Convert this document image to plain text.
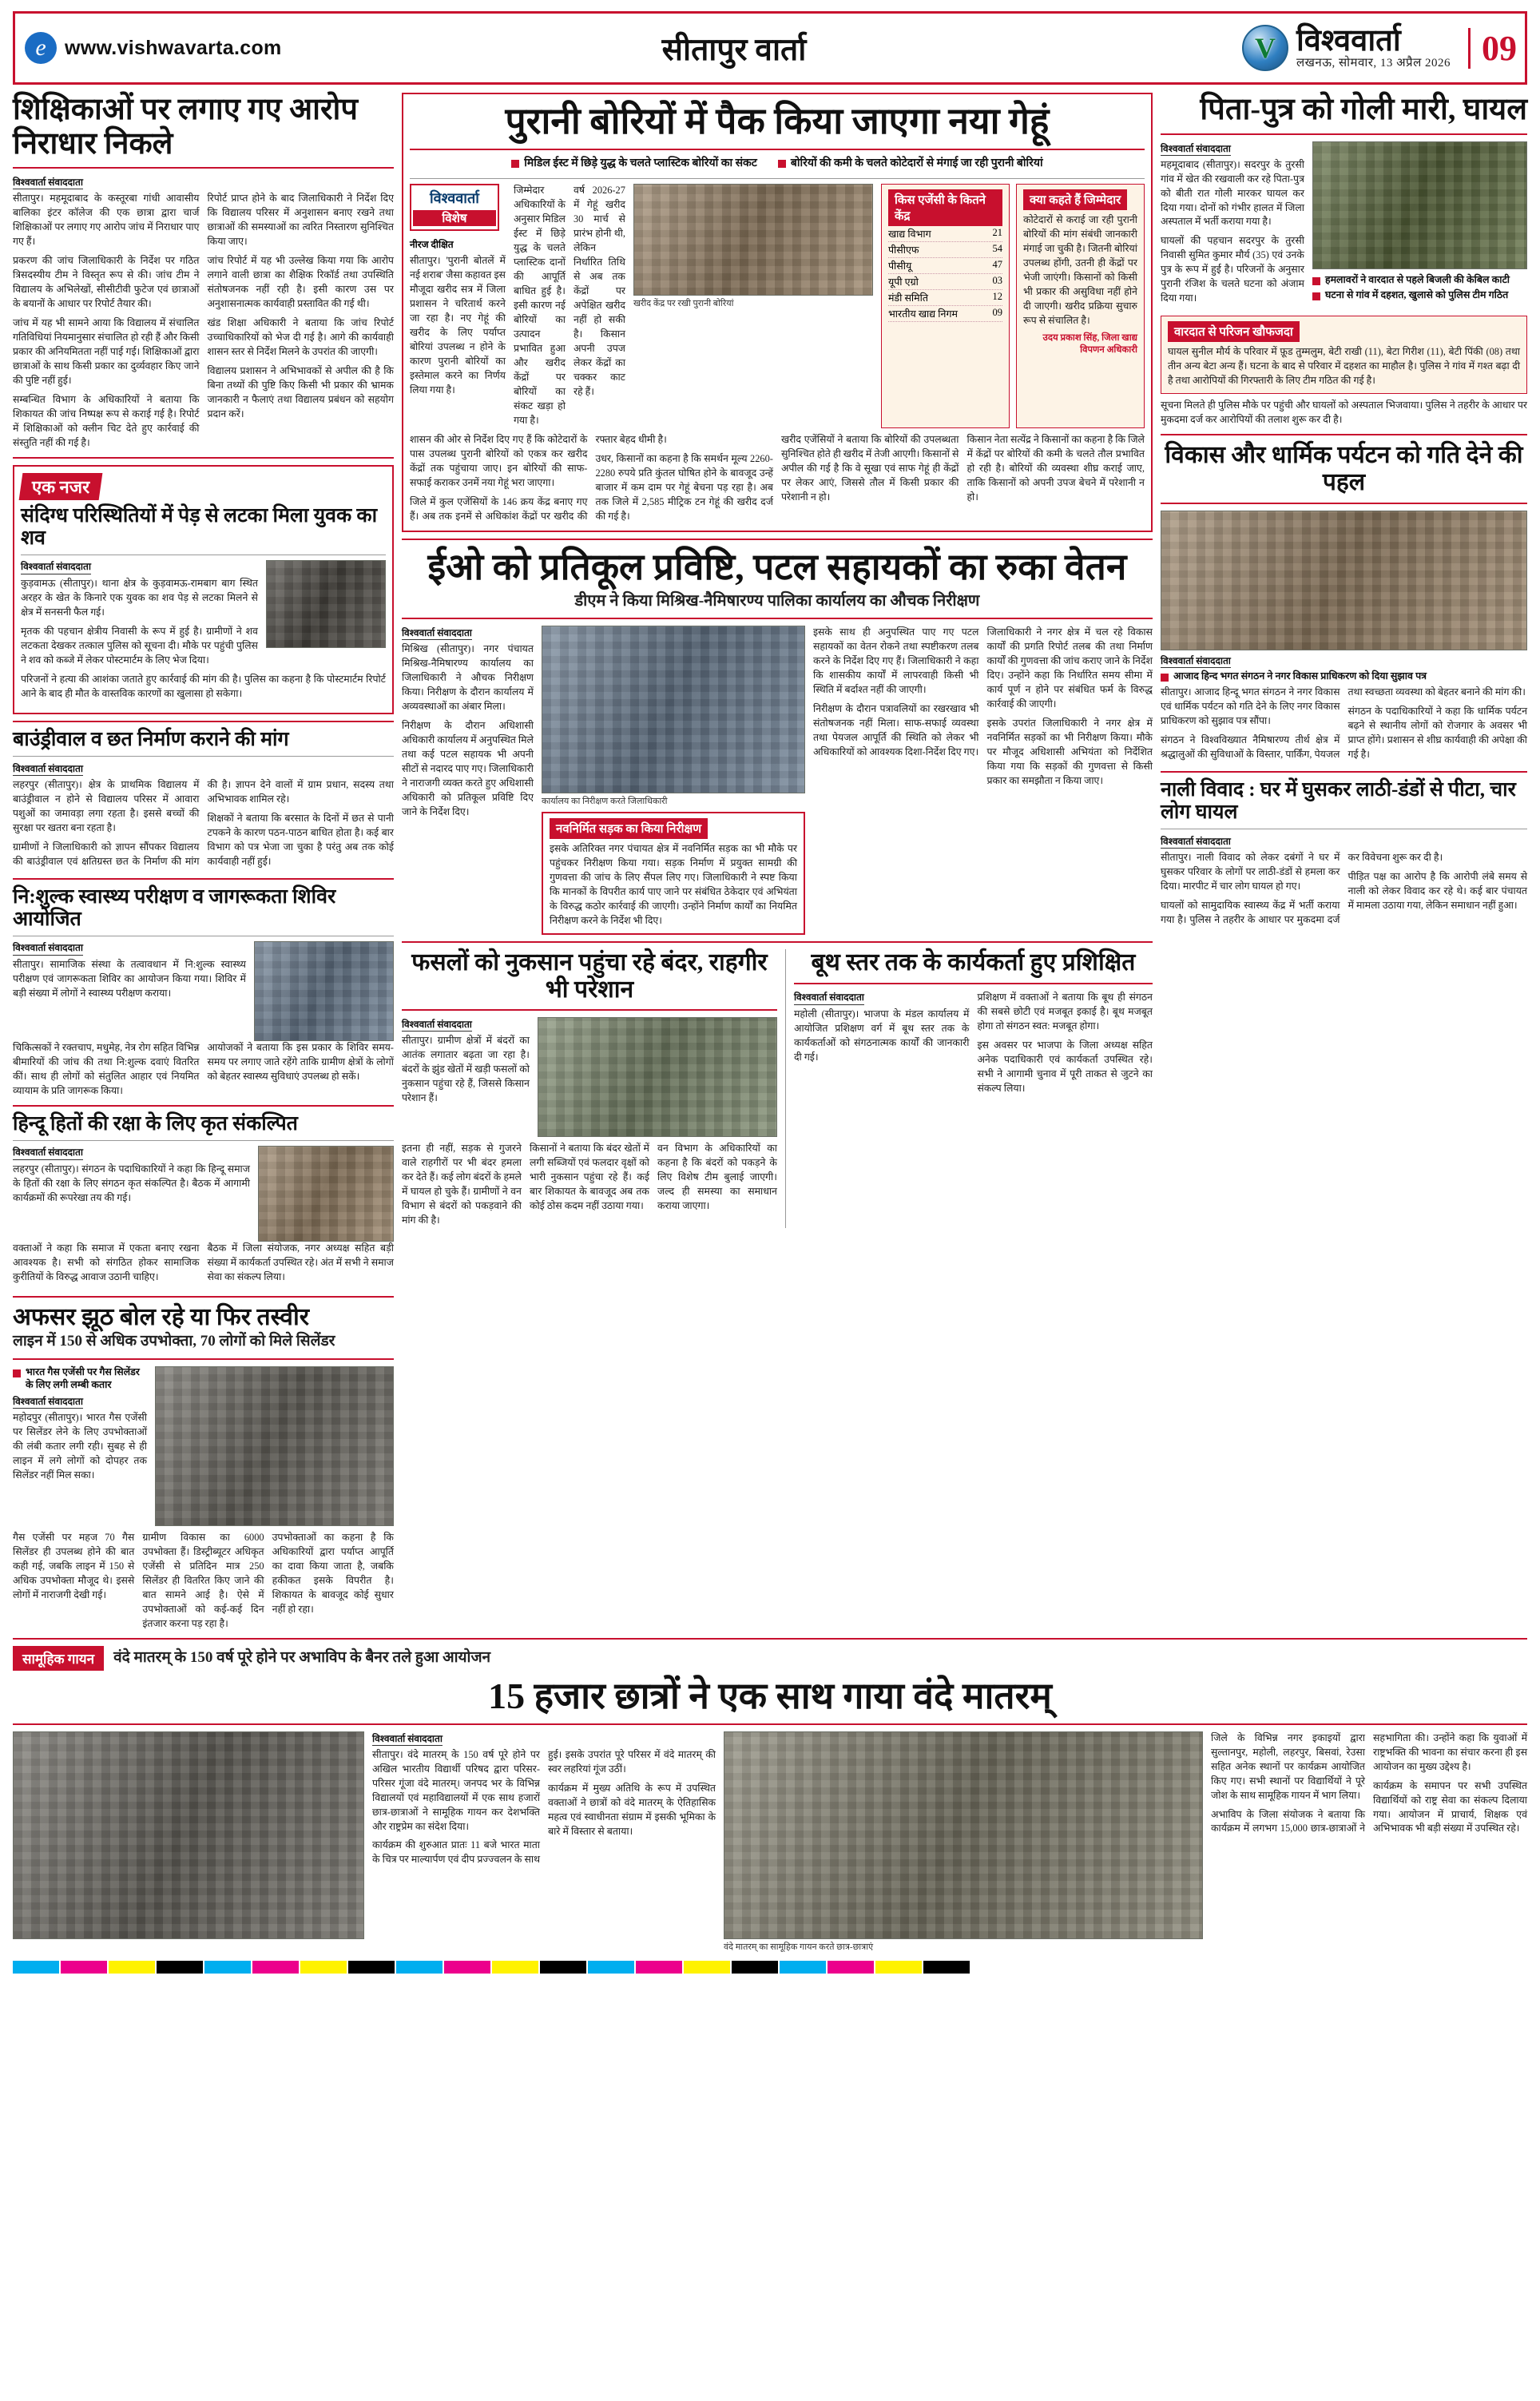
e www.vishwavarta.com	सीतापुर वार्ता	V विश्ववार्ता
लखनऊ, सोमवार, 13 अप्रैल 2026 09
शिक्षिकाओं पर लगाए गए आरोप निराधार निकले
विश्ववार्ता संवाददाता

सीतापुर। महमूदाबाद के कस्तूरबा गांधी आवासीय बालिका इंटर कॉलेज की एक छात्रा द्वारा चार्ज शिक्षिकाओं पर लगाए गए आरोप जांच में निराधार पाए गए हैं।

प्रकरण की जांच जिलाधिकारी के निर्देश पर गठित त्रिसदस्यीय टीम ने विस्तृत रूप से की। जांच टीम ने विद्यालय के अभिलेखों, सीसीटीवी फुटेज एवं छात्राओं के बयानों के आधार पर रिपोर्ट तैयार की।

जांच में यह भी सामने आया कि विद्यालय में संचालित गतिविधियां नियमानुसार संचालित हो रही हैं और किसी प्रकार की अनियमितता नहीं पाई गई। शिक्षिकाओं द्वारा छात्राओं के साथ किसी प्रकार का दुर्व्यवहार किए जाने की पुष्टि नहीं हुई।

सम्बन्धित विभाग के अधिकारियों ने बताया कि शिकायत की जांच निष्पक्ष रूप से कराई गई है। रिपोर्ट में शिक्षिकाओं को क्लीन चिट देते हुए कार्रवाई की संस्तुति नहीं की गई है।

रिपोर्ट प्राप्त होने के बाद जिलाधिकारी ने निर्देश दिए कि विद्यालय परिसर में अनुशासन बनाए रखने तथा छात्राओं की समस्याओं का त्वरित निस्तारण सुनिश्चित किया जाए।

जांच रिपोर्ट में यह भी उल्लेख किया गया कि आरोप लगाने वाली छात्रा का शैक्षिक रिकॉर्ड तथा उपस्थिति संतोषजनक नहीं रही है। इसी कारण उस पर अनुशासनात्मक कार्यवाही प्रस्तावित की गई थी।

खंड शिक्षा अधिकारी ने बताया कि जांच रिपोर्ट उच्चाधिकारियों को भेज दी गई है। आगे की कार्यवाही शासन स्तर से निर्देश मिलने के उपरांत की जाएगी।

विद्यालय प्रशासन ने अभिभावकों से अपील की है कि बिना तथ्यों की पुष्टि किए किसी भी प्रकार की भ्रामक जानकारी न फैलाएं तथा विद्यालय प्रबंधन को सहयोग प्रदान करें।

एक नजर
संदिग्ध परिस्थितियों में पेड़ से लटका मिला युवक का शव
विश्ववार्ता संवाददाता

कुड़वामऊ (सीतापुर)। थाना क्षेत्र के कुड़वामऊ-रामबाग बाग स्थित अरहर के खेत के किनारे एक युवक का शव पेड़ से लटका मिलने से क्षेत्र में सनसनी फैल गई।

मृतक की पहचान क्षेत्रीय निवासी के रूप में हुई है। ग्रामीणों ने शव लटकता देखकर तत्काल पुलिस को सूचना दी। मौके पर पहुंची पुलिस ने शव को कब्जे में लेकर पोस्टमार्टम के लिए भेज दिया।

परिजनों ने हत्या की आशंका जताते हुए कार्रवाई की मांग की है। पुलिस का कहना है कि पोस्टमार्टम रिपोर्ट आने के बाद ही मौत के वास्तविक कारणों का खुलासा हो सकेगा।

बाउंड्रीवाल व छत निर्माण कराने की मांग
विश्ववार्ता संवाददाता

लहरपुर (सीतापुर)। क्षेत्र के प्राथमिक विद्यालय में बाउंड्रीवाल न होने से विद्यालय परिसर में आवारा पशुओं का जमावड़ा लगा रहता है। इससे बच्चों की सुरक्षा पर खतरा बना रहता है।

ग्रामीणों ने जिलाधिकारी को ज्ञापन सौंपकर विद्यालय की बाउंड्रीवाल एवं क्षतिग्रस्त छत के निर्माण की मांग की है। ज्ञापन देने वालों में ग्राम प्रधान, सदस्य तथा अभिभावक शामिल रहे।

शिक्षकों ने बताया कि बरसात के दिनों में छत से पानी टपकने के कारण पठन-पाठन बाधित होता है। कई बार विभाग को पत्र भेजा जा चुका है परंतु अब तक कोई कार्यवाही नहीं हुई।

नि:शुल्क स्वास्थ्य परीक्षण व जागरूकता शिविर आयोजित
विश्ववार्ता संवाददाता

सीतापुर। सामाजिक संस्था के तत्वावधान में नि:शुल्क स्वास्थ्य परीक्षण एवं जागरूकता शिविर का आयोजन किया गया। शिविर में बड़ी संख्या में लोगों ने स्वास्थ्य परीक्षण कराया।

चिकित्सकों ने रक्तचाप, मधुमेह, नेत्र रोग सहित विभिन्न बीमारियों की जांच की तथा नि:शुल्क दवाएं वितरित कीं। साथ ही लोगों को संतुलित आहार एवं नियमित व्यायाम के प्रति जागरूक किया।

आयोजकों ने बताया कि इस प्रकार के शिविर समय-समय पर लगाए जाते रहेंगे ताकि ग्रामीण क्षेत्रों के लोगों को बेहतर स्वास्थ्य सुविधाएं उपलब्ध हो सकें।

हिन्दू हितों की रक्षा के लिए कृत संकल्पित
विश्ववार्ता संवाददाता

लहरपुर (सीतापुर)। संगठन के पदाधिकारियों ने कहा कि हिन्दू समाज के हितों की रक्षा के लिए संगठन कृत संकल्पित है। बैठक में आगामी कार्यक्रमों की रूपरेखा तय की गई।

वक्ताओं ने कहा कि समाज में एकता बनाए रखना आवश्यक है। सभी को संगठित होकर सामाजिक कुरीतियों के विरुद्ध आवाज उठानी चाहिए।

बैठक में जिला संयोजक, नगर अध्यक्ष सहित बड़ी संख्या में कार्यकर्ता उपस्थित रहे। अंत में सभी ने समाज सेवा का संकल्प लिया।

अफसर झूठ बोल रहे या फिर तस्वीर
लाइन में 150 से अधिक उपभोक्ता, 70 लोगों को मिले सिलेंडर
भारत गैस एजेंसी पर गैस सिलेंडर के लिए लगी लम्बी कतार
विश्ववार्ता संवाददाता

महोदपुर (सीतापुर)। भारत गैस एजेंसी पर सिलेंडर लेने के लिए उपभोक्ताओं की लंबी कतार लगी रही। सुबह से ही लाइन में लगे लोगों को दोपहर तक सिलेंडर नहीं मिल सका।

गैस एजेंसी पर महज 70 गैस सिलेंडर ही उपलब्ध होने की बात कही गई, जबकि लाइन में 150 से अधिक उपभोक्ता मौजूद थे। इससे लोगों में नाराजगी देखी गई।

ग्रामीण विकास का 6000 उपभोक्ता हैं। डिस्ट्रीब्यूटर अधिकृत एजेंसी से प्रतिदिन मात्र 250 सिलेंडर ही वितरित किए जाने की बात सामने आई है। ऐसे में उपभोक्ताओं को कई-कई दिन इंतजार करना पड़ रहा है।

उपभोक्ताओं का कहना है कि अधिकारियों द्वारा पर्याप्त आपूर्ति का दावा किया जाता है, जबकि हकीकत इसके विपरीत है। शिकायत के बावजूद कोई सुधार नहीं हो रहा।

पुरानी बोरियों में पैक किया जाएगा नया गेहूं
मिडिल ईस्ट में छिड़े युद्ध के चलते प्लास्टिक बोरियों का संकट	बोरियों की कमी के चलते कोटेदारों से मंगाई जा रही पुरानी बोरियां
विश्ववार्ता
विशेष
नीरज दीक्षित

सीतापुर। 'पुरानी बोतलें में नई शराब' जैसा कहावत इस मौजूदा खरीद सत्र में जिला प्रशासन ने चरितार्थ करने जा रहा है। नए गेहूं की खरीद के लिए पर्याप्त बोरियां उपलब्ध न होने के कारण पुरानी बोरियों का इस्तेमाल करने का निर्णय लिया गया है।

जिम्मेदार अधिकारियों के अनुसार मिडिल ईस्ट में छिड़े युद्ध के चलते प्लास्टिक दानों की आपूर्ति बाधित हुई है। इसी कारण नई बोरियों का उत्पादन प्रभावित हुआ और खरीद केंद्रों पर बोरियों का संकट खड़ा हो गया है।

वर्ष 2026-27 में गेहूं खरीद 30 मार्च से प्रारंभ होनी थी, लेकिन निर्धारित तिथि से अब तक केंद्रों पर अपेक्षित खरीद नहीं हो सकी है। किसान अपनी उपज लेकर केंद्रों का चक्कर काट रहे हैं।

खरीद केंद्र पर रखी पुरानी बोरियां
किस एजेंसी के कितने केंद्र
खाद्य विभाग	21
पीसीएफ	54
पीसीयू	47
यूपी एग्रो	03
मंडी समिति	12
भारतीय खाद्य निगम	09
क्या कहते हैं जिम्मेदार
कोटेदारों से कराई जा रही पुरानी बोरियों की मांग संबंधी जानकारी मंगाई जा चुकी है। जितनी बोरियां उपलब्ध होंगी, उतनी ही केंद्रों पर भेजी जाएंगी। किसानों को किसी भी प्रकार की असुविधा नहीं होने दी जाएगी। खरीद प्रक्रिया सुचारु रूप से संचालित है।
उदय प्रकाश सिंह, जिला खाद्य विपणन अधिकारी

शासन की ओर से निर्देश दिए गए हैं कि कोटेदारों के पास उपलब्ध पुरानी बोरियों को एकत्र कर खरीद केंद्रों तक पहुंचाया जाए। इन बोरियों की साफ-सफाई कराकर उनमें नया गेहूं भरा जाएगा।

जिले में कुल एजेंसियों के 146 क्रय केंद्र बनाए गए हैं। अब तक इनमें से अधिकांश केंद्रों पर खरीद की रफ्तार बेहद धीमी है।

उधर, किसानों का कहना है कि समर्थन मूल्य 2260-2280 रुपये प्रति कुंतल घोषित होने के बावजूद उन्हें बाजार में कम दाम पर गेहूं बेचना पड़ रहा है। अब तक जिले में 2,585 मीट्रिक टन गेहूं की खरीद दर्ज की गई है।

खरीद एजेंसियों ने बताया कि बोरियों की उपलब्धता सुनिश्चित होते ही खरीद में तेजी आएगी। किसानों से अपील की गई है कि वे सूखा एवं साफ गेहूं ही केंद्रों पर लेकर आएं, जिससे तौल में किसी प्रकार की परेशानी न हो।

किसान नेता सत्येंद्र ने किसानों का कहना है कि जिले में केंद्रों पर बोरियों की कमी के चलते तौल प्रभावित हो रही है। बोरियों की व्यवस्था शीघ्र कराई जाए, ताकि किसानों को अपनी उपज बेचने में परेशानी न हो।

ईओ को प्रतिकूल प्रविष्टि, पटल सहायकों का रुका वेतन
डीएम ने किया मिश्रिख-नैमिषारण्य पालिका कार्यालय का औचक निरीक्षण
विश्ववार्ता संवाददाता

मिश्रिख (सीतापुर)। नगर पंचायत मिश्रिख-नैमिषारण्य कार्यालय का जिलाधिकारी ने औचक निरीक्षण किया। निरीक्षण के दौरान कार्यालय में अव्यवस्थाओं का अंबार मिला।

निरीक्षण के दौरान अधिशासी अधिकारी कार्यालय में अनुपस्थित मिले तथा कई पटल सहायक भी अपनी सीटों से नदारद पाए गए। जिलाधिकारी ने नाराजगी व्यक्त करते हुए अधिशासी अधिकारी को प्रतिकूल प्रविष्टि दिए जाने के निर्देश दिए।

कार्यालय का निरीक्षण करते जिलाधिकारी
नवनिर्मित सड़क का किया निरीक्षण
इसके अतिरिक्त नगर पंचायत क्षेत्र में नवनिर्मित सड़क का भी मौके पर पहुंचकर निरीक्षण किया गया। सड़क निर्माण में प्रयुक्त सामग्री की गुणवत्ता की जांच के लिए सैंपल लिए गए। जिलाधिकारी ने स्पष्ट किया कि मानकों के विपरीत कार्य पाए जाने पर संबंधित ठेकेदार एवं अभियंता के विरुद्ध कठोर कार्रवाई की जाएगी। उन्होंने निर्माण कार्यों का नियमित निरीक्षण करने के निर्देश भी दिए।

इसके साथ ही अनुपस्थित पाए गए पटल सहायकों का वेतन रोकने तथा स्पष्टीकरण तलब करने के निर्देश दिए गए हैं। जिलाधिकारी ने कहा कि शासकीय कार्यों में लापरवाही किसी भी स्थिति में बर्दाश्त नहीं की जाएगी।

निरीक्षण के दौरान पत्रावलियों का रखरखाव भी संतोषजनक नहीं मिला। साफ-सफाई व्यवस्था तथा पेयजल आपूर्ति की स्थिति को लेकर भी अधिकारियों को आवश्यक दिशा-निर्देश दिए गए।

जिलाधिकारी ने नगर क्षेत्र में चल रहे विकास कार्यों की प्रगति रिपोर्ट तलब की तथा निर्माण कार्यों की गुणवत्ता की जांच कराए जाने के निर्देश दिए। उन्होंने कहा कि निर्धारित समय सीमा में कार्य पूर्ण न होने पर संबंधित फर्म के विरुद्ध कार्रवाई की जाएगी।

इसके उपरांत जिलाधिकारी ने नगर क्षेत्र में नवनिर्मित सड़कों का भी निरीक्षण किया। मौके पर मौजूद अधिशासी अभियंता को निर्देशित किया गया कि सड़कों की गुणवत्ता से किसी प्रकार का समझौता न किया जाए।

फसलों को नुकसान पहुंचा रहे बंदर, राहगीर भी परेशान
विश्ववार्ता संवाददाता

सीतापुर। ग्रामीण क्षेत्रों में बंदरों का आतंक लगातार बढ़ता जा रहा है। बंदरों के झुंड खेतों में खड़ी फसलों को नुकसान पहुंचा रहे हैं, जिससे किसान परेशान हैं।

इतना ही नहीं, सड़क से गुजरने वाले राहगीरों पर भी बंदर हमला कर देते हैं। कई लोग बंदरों के हमले में घायल हो चुके हैं। ग्रामीणों ने वन विभाग से बंदरों को पकड़वाने की मांग की है।

किसानों ने बताया कि बंदर खेतों में लगी सब्जियों एवं फलदार वृक्षों को भारी नुकसान पहुंचा रहे हैं। कई बार शिकायत के बावजूद अब तक कोई ठोस कदम नहीं उठाया गया।

वन विभाग के अधिकारियों का कहना है कि बंदरों को पकड़ने के लिए विशेष टीम बुलाई जाएगी। जल्द ही समस्या का समाधान कराया जाएगा।

बूथ स्तर तक के कार्यकर्ता हुए प्रशिक्षित
विश्ववार्ता संवाददाता

महोली (सीतापुर)। भाजपा के मंडल कार्यालय में आयोजित प्रशिक्षण वर्ग में बूथ स्तर तक के कार्यकर्ताओं को संगठनात्मक कार्यों की जानकारी दी गई।

प्रशिक्षण में वक्ताओं ने बताया कि बूथ ही संगठन की सबसे छोटी एवं मजबूत इकाई है। बूथ मजबूत होगा तो संगठन स्वत: मजबूत होगा।

इस अवसर पर भाजपा के जिला अध्यक्ष सहित अनेक पदाधिकारी एवं कार्यकर्ता उपस्थित रहे। सभी ने आगामी चुनाव में पूरी ताकत से जुटने का संकल्प लिया।

पिता-पुत्र को गोली मारी, घायल
विश्ववार्ता संवाददाता

महमूदाबाद (सीतापुर)। सदरपुर के तुरसी गांव में खेत की रखवाली कर रहे पिता-पुत्र को बीती रात गोली मारकर घायल कर दिया गया। दोनों को गंभीर हालत में जिला अस्पताल में भर्ती कराया गया है।

घायलों की पहचान सदरपुर के तुरसी निवासी सुमित कुमार मौर्य (35) एवं उनके पुत्र के रूप में हुई है। परिजनों के अनुसार पुरानी रंजिश के चलते घटना को अंजाम दिया गया।

हमलावरों ने वारदात से पहले बिजली की केबिल काटी
घटना से गांव में दहशत, खुलासे को पुलिस टीम गठित
वारदात से परिजन खौफजदा
घायल सुनील मौर्य के परिवार में फ़ूड तुम्मलुम, बेटी राखी (11), बेटा गिरीश (11), बेटी पिंकी (08) तथा तीन अन्य बेटा अन्य हैं। घटना के बाद से परिवार में दहशत का माहौल है। पुलिस ने गांव में गश्त बढ़ा दी है तथा आरोपियों की गिरफ्तारी के लिए टीम गठित की गई है।

सूचना मिलते ही पुलिस मौके पर पहुंची और घायलों को अस्पताल भिजवाया। पुलिस ने तहरीर के आधार पर मुकदमा दर्ज कर आरोपियों की तलाश शुरू कर दी है।

विकास और धार्मिक पर्यटन को गति देने की पहल
विश्ववार्ता संवाददाता
आजाद हिन्द भगत संगठन ने नगर विकास प्राधिकरण को दिया सुझाव पत्र

सीतापुर। आजाद हिन्दू भगत संगठन ने नगर विकास एवं धार्मिक पर्यटन को गति देने के लिए नगर विकास प्राधिकरण को सुझाव पत्र सौंपा।

संगठन ने विश्वविख्यात नैमिषारण्य तीर्थ क्षेत्र में श्रद्धालुओं की सुविधाओं के विस्तार, पार्किंग, पेयजल तथा स्वच्छता व्यवस्था को बेहतर बनाने की मांग की।

संगठन के पदाधिकारियों ने कहा कि धार्मिक पर्यटन बढ़ने से स्थानीय लोगों को रोजगार के अवसर भी प्राप्त होंगे। प्रशासन से शीघ्र कार्यवाही की अपेक्षा की गई है।

नाली विवाद : घर में घुसकर लाठी-डंडों से पीटा, चार लोग घायल
विश्ववार्ता संवाददाता

सीतापुर। नाली विवाद को लेकर दबंगों ने घर में घुसकर परिवार के लोगों पर लाठी-डंडों से हमला कर दिया। मारपीट में चार लोग घायल हो गए।

घायलों को सामुदायिक स्वास्थ्य केंद्र में भर्ती कराया गया है। पुलिस ने तहरीर के आधार पर मुकदमा दर्ज कर विवेचना शुरू कर दी है।

पीड़ित पक्ष का आरोप है कि आरोपी लंबे समय से नाली को लेकर विवाद कर रहे थे। कई बार पंचायत में मामला उठाया गया, लेकिन समाधान नहीं हुआ।

सामूहिक गायन	वंदे मातरम् के 150 वर्ष पूरे होने पर अभाविप के बैनर तले हुआ आयोजन
15 हजार छात्रों ने एक साथ गाया वंदे मातरम्
विश्ववार्ता संवाददाता

सीतापुर। वंदे मातरम् के 150 वर्ष पूरे होने पर अखिल भारतीय विद्यार्थी परिषद द्वारा परिसर-परिसर गूंजा वंदे मातरम्। जनपद भर के विभिन्न विद्यालयों एवं महाविद्यालयों में एक साथ हजारों छात्र-छात्राओं ने सामूहिक गायन कर देशभक्ति और राष्ट्रप्रेम का संदेश दिया।

कार्यक्रम की शुरुआत प्रातः 11 बजे भारत माता के चित्र पर माल्यार्पण एवं दीप प्रज्ज्वलन के साथ हुई। इसके उपरांत पूरे परिसर में वंदे मातरम् की स्वर लहरियां गूंज उठीं।

कार्यक्रम में मुख्य अतिथि के रूप में उपस्थित वक्ताओं ने छात्रों को वंदे मातरम् के ऐतिहासिक महत्व एवं स्वाधीनता संग्राम में इसकी भूमिका के बारे में विस्तार से बताया।

वंदे मातरम् का सामूहिक गायन करते छात्र-छात्राएं

जिले के विभिन्न नगर इकाइयों द्वारा सुल्तानपुर, महोली, लहरपुर, बिसवां, रेउसा सहित अनेक स्थानों पर कार्यक्रम आयोजित किए गए। सभी स्थानों पर विद्यार्थियों ने पूरे जोश के साथ सामूहिक गायन में भाग लिया।

अभाविप के जिला संयोजक ने बताया कि कार्यक्रम में लगभग 15,000 छात्र-छात्राओं ने सहभागिता की। उन्होंने कहा कि युवाओं में राष्ट्रभक्ति की भावना का संचार करना ही इस आयोजन का मुख्य उद्देश्य है।

कार्यक्रम के समापन पर सभी उपस्थित विद्यार्थियों को राष्ट्र सेवा का संकल्प दिलाया गया। आयोजन में प्राचार्य, शिक्षक एवं अभिभावक भी बड़ी संख्या में उपस्थित रहे।
